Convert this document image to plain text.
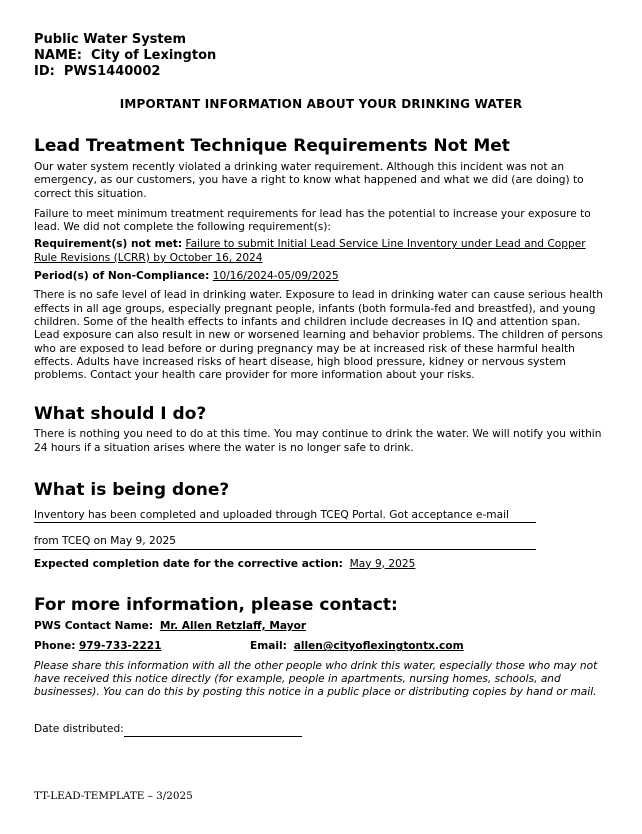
Public Water System
NAME: City of Lexington
ID: PWS1440002
IMPORTANT INFORMATION ABOUT YOUR DRINKING WATER
Lead Treatment Technique Requirements Not Met

Our water system recently violated a drinking water requirement. Although this incident was not an emergency, as our customers, you have a right to know what happened and what we did (are doing) to correct this situation.

Failure to meet minimum treatment requirements for lead has the potential to increase your exposure to lead. We did not complete the following requirement(s):

Requirement(s) not met: Failure to submit Initial Lead Service Line Inventory under Lead and Copper Rule Revisions (LCRR) by October 16, 2024

Period(s) of Non-Compliance: 10/16/2024-05/09/2025

There is no safe level of lead in drinking water. Exposure to lead in drinking water can cause serious health effects in all age groups, especially pregnant people, infants (both formula-fed and breastfed), and young children. Some of the health effects to infants and children include decreases in IQ and attention span. Lead exposure can also result in new or worsened learning and behavior problems. The children of persons who are exposed to lead before or during pregnancy may be at increased risk of these harmful health effects. Adults have increased risks of heart disease, high blood pressure, kidney or nervous system problems. Contact your health care provider for more information about your risks.

What should I do?

There is nothing you need to do at this time. You may continue to drink the water. We will notify you within 24 hours if a situation arises where the water is no longer safe to drink.

What is being done?

Inventory has been completed and uploaded through TCEQ Portal. Got acceptance e-mail

from TCEQ on May 9, 2025

Expected completion date for the corrective action: May 9, 2025

For more information, please contact:

PWS Contact Name: Mr. Allen Retzlaff, Mayor

Phone: 979-733-2221	Email: allen@cityoflexingtontx.com

Please share this information with all the other people who drink this water, especially those who may not have received this notice directly (for example, people in apartments, nursing homes, schools, and businesses). You can do this by posting this notice in a public place or distributing copies by hand or mail.

Date distributed:

TT-LEAD-TEMPLATE – 3/2025
